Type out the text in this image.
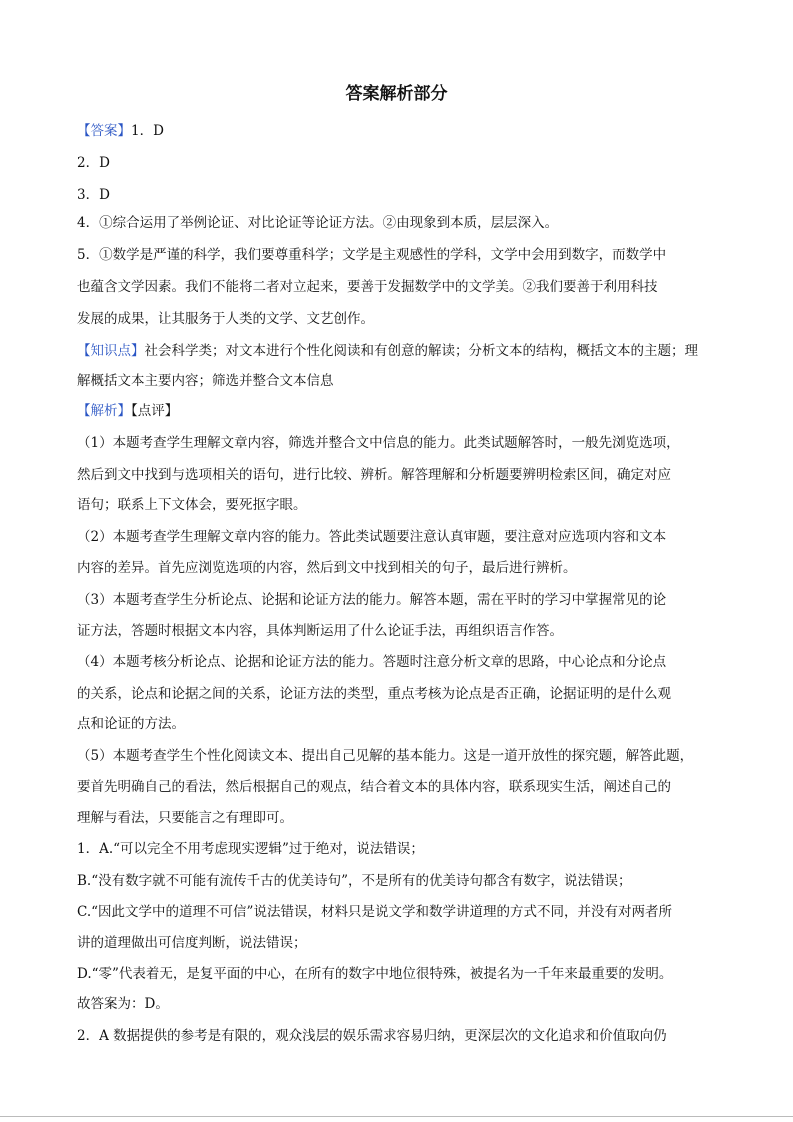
答案解析部分
【答案】1．D
2．D
3．D
4．①综合运用了举例论证、对比论证等论证方法。②由现象到本质，层层深入。
5．①数学是严谨的科学，我们要尊重科学；文学是主观感性的学科，文学中会用到数字，而数学中
也蕴含文学因素。我们不能将二者对立起来，要善于发掘数学中的文学美。②我们要善于利用科技
发展的成果，让其服务于人类的文学、文艺创作。
【知识点】社会科学类；对文本进行个性化阅读和有创意的解读；分析文本的结构，概括文本的主题；理
解概括文本主要内容；筛选并整合文本信息
【解析】【点评】
（1）本题考查学生理解文章内容，筛选并整合文中信息的能力。此类试题解答时，一般先浏览选项，
然后到文中找到与选项相关的语句，进行比较、辨析。解答理解和分析题要辨明检索区间，确定对应
语句；联系上下文体会，要死抠字眼。
（2）本题考查学生理解文章内容的能力。答此类试题要注意认真审题，要注意对应选项内容和文本
内容的差异。首先应浏览选项的内容，然后到文中找到相关的句子，最后进行辨析。
（3）本题考查学生分析论点、论据和论证方法的能力。解答本题，需在平时的学习中掌握常见的论
证方法，答题时根据文本内容，具体判断运用了什么论证手法，再组织语言作答。
（4）本题考核分析论点、论据和论证方法的能力。答题时注意分析文章的思路，中心论点和分论点
的关系，论点和论据之间的关系，论证方法的类型，重点考核为论点是否正确，论据证明的是什么观
点和论证的方法。
（5）本题考查学生个性化阅读文本、提出自己见解的基本能力。这是一道开放性的探究题，解答此题，
要首先明确自己的看法，然后根据自己的观点，结合着文本的具体内容，联系现实生活，阐述自己的
理解与看法，只要能言之有理即可。
1．A.“可以完全不用考虑现实逻辑”过于绝对，说法错误；
B.“没有数字就不可能有流传千古的优美诗句”，不是所有的优美诗句都含有数字，说法错误；
C.“因此文学中的道理不可信”说法错误，材料只是说文学和数学讲道理的方式不同，并没有对两者所
讲的道理做出可信度判断，说法错误；
D.“零”代表着无，是复平面的中心，在所有的数字中地位很特殊，被提名为一千年来最重要的发明。
故答案为：D。
2．A 数据提供的参考是有限的，观众浅层的娱乐需求容易归纳，更深层次的文化追求和价值取向仍
